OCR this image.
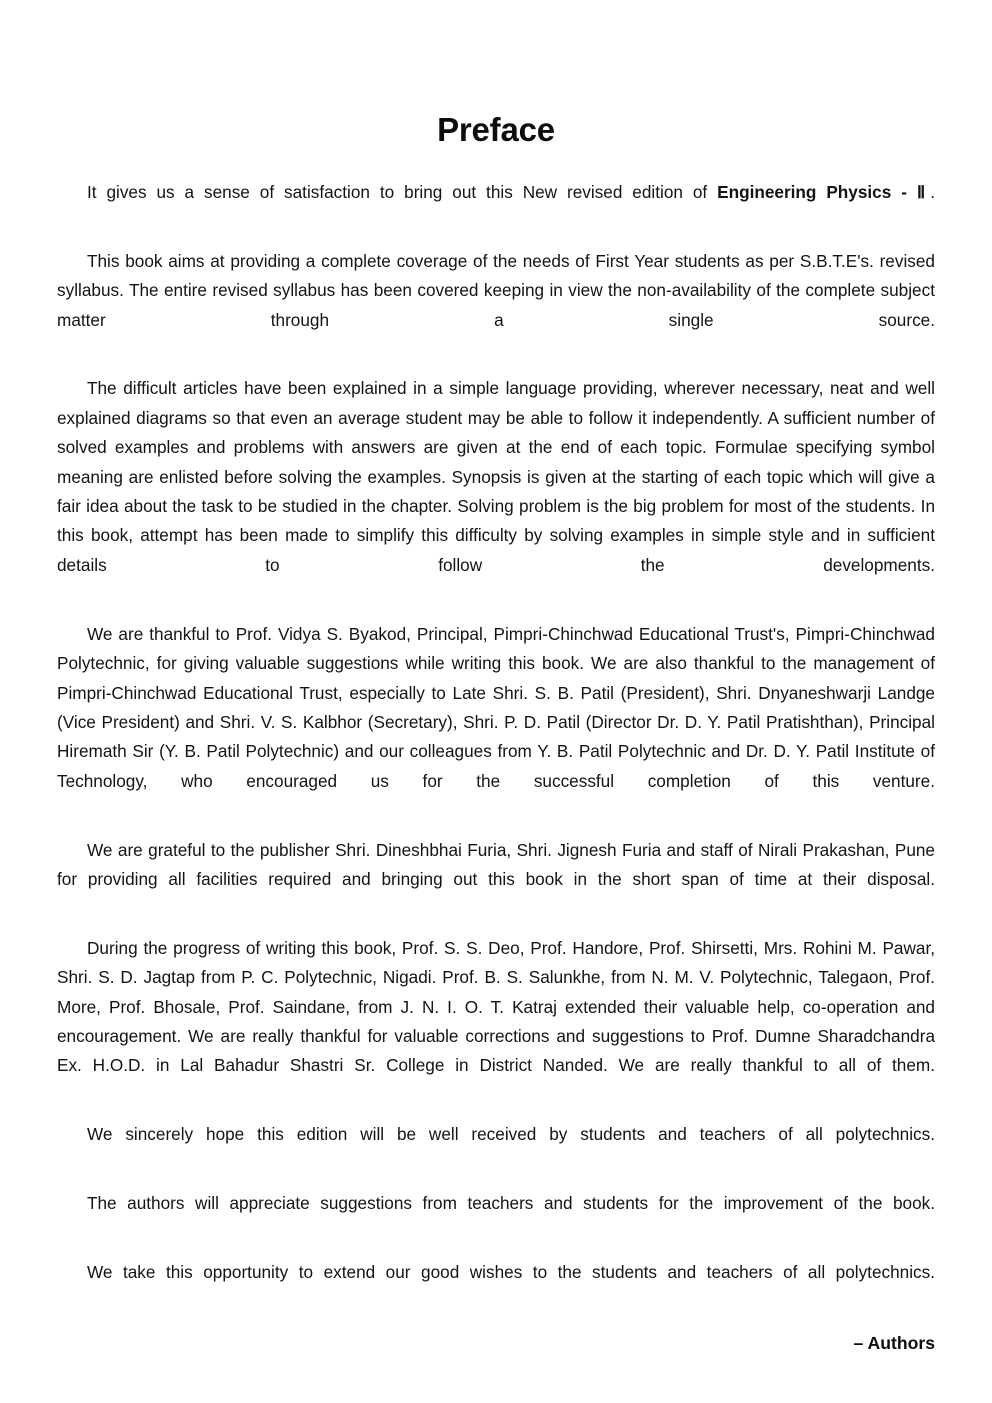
Preface

It gives us a sense of satisfaction to bring out this New revised edition of Engineering Physics - Ⅱ.

This book aims at providing a complete coverage of the needs of First Year students as per S.B.T.E's. revised syllabus. The entire revised syllabus has been covered keeping in view the non-availability of the complete subject matter through a single source.

The difficult articles have been explained in a simple language providing, wherever necessary, neat and well explained diagrams so that even an average student may be able to follow it independently. A sufficient number of solved examples and problems with answers are given at the end of each topic. Formulae specifying symbol meaning are enlisted before solving the examples. Synopsis is given at the starting of each topic which will give a fair idea about the task to be studied in the chapter. Solving problem is the big problem for most of the students. In this book, attempt has been made to simplify this difficulty by solving examples in simple style and in sufficient details to follow the developments.

We are thankful to Prof. Vidya S. Byakod, Principal, Pimpri-Chinchwad Educational Trust's, Pimpri-Chinchwad Polytechnic, for giving valuable suggestions while writing this book. We are also thankful to the management of Pimpri-Chinchwad Educational Trust, especially to Late Shri. S. B. Patil (President), Shri. Dnyaneshwarji Landge (Vice President) and Shri. V. S. Kalbhor (Secretary), Shri. P. D. Patil (Director Dr. D. Y. Patil Pratishthan), Principal Hiremath Sir (Y. B. Patil Polytechnic) and our colleagues from Y. B. Patil Polytechnic and Dr. D. Y. Patil Institute of Technology, who encouraged us for the successful completion of this venture.

We are grateful to the publisher Shri. Dineshbhai Furia, Shri. Jignesh Furia and staff of Nirali Prakashan, Pune for providing all facilities required and bringing out this book in the short span of time at their disposal.

During the progress of writing this book, Prof. S. S. Deo, Prof. Handore, Prof. Shirsetti, Mrs. Rohini M. Pawar, Shri. S. D. Jagtap from P. C. Polytechnic, Nigadi. Prof. B. S. Salunkhe, from N. M. V. Polytechnic, Talegaon, Prof. More, Prof. Bhosale, Prof. Saindane, from J. N. I. O. T. Katraj extended their valuable help, co-operation and encouragement. We are really thankful for valuable corrections and suggestions to Prof. Dumne Sharadchandra Ex. H.O.D. in Lal Bahadur Shastri Sr. College in District Nanded. We are really thankful to all of them.

We sincerely hope this edition will be well received by students and teachers of all polytechnics.

The authors will appreciate suggestions from teachers and students for the improvement of the book.

We take this opportunity to extend our good wishes to the students and teachers of all polytechnics.

– Authors
